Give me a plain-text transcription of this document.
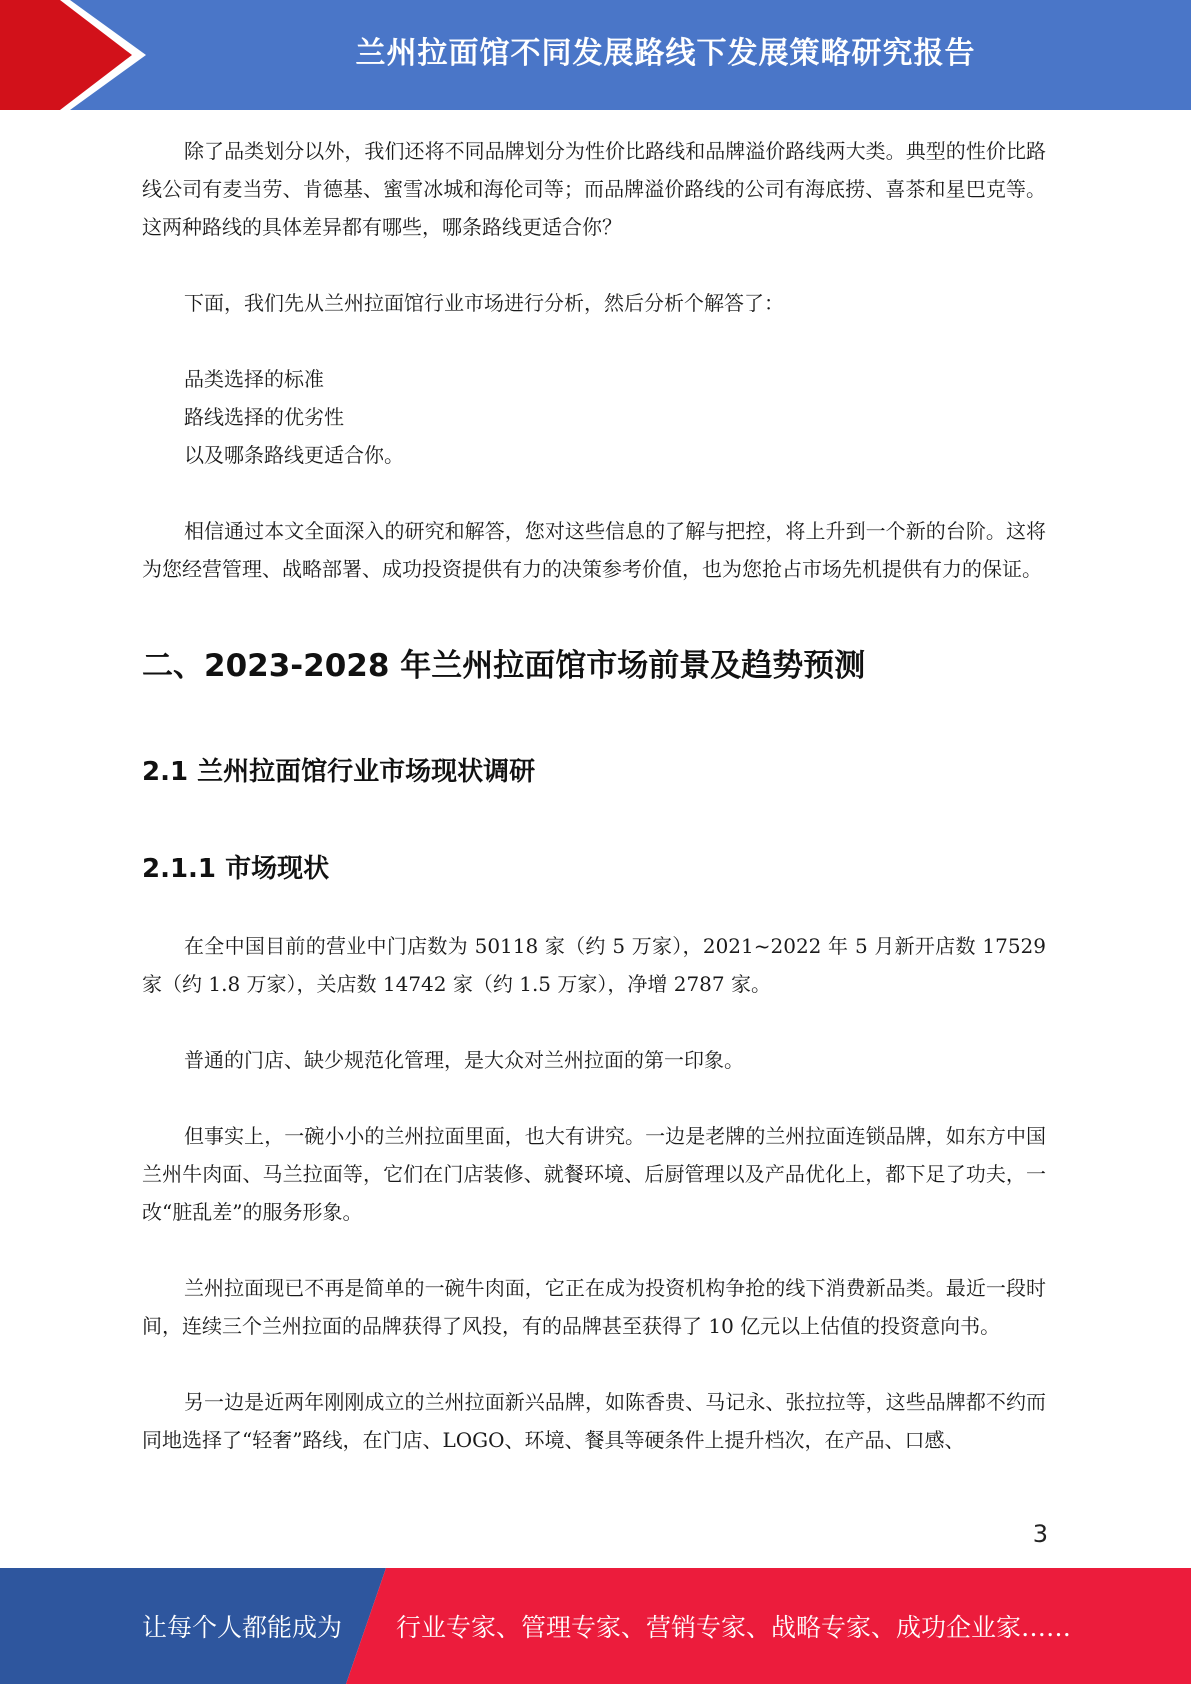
兰州拉面馆不同发展路线下发展策略研究报告

除了品类划分以外，我们还将不同品牌划分为性价比路线和品牌溢价路线两大类。典型的性价比路线公司有麦当劳、肯德基、蜜雪冰城和海伦司等；而品牌溢价路线的公司有海底捞、喜茶和星巴克等。这两种路线的具体差异都有哪些，哪条路线更适合你？

下面，我们先从兰州拉面馆行业市场进行分析，然后分析个解答了：

品类选择的标准
路线选择的优劣性
以及哪条路线更适合你。

相信通过本文全面深入的研究和解答，您对这些信息的了解与把控，将上升到一个新的台阶。这将为您经营管理、战略部署、成功投资提供有力的决策参考价值，也为您抢占市场先机提供有力的保证。

二、2023-2028 年兰州拉面馆市场前景及趋势预测
2.1 兰州拉面馆行业市场现状调研
2.1.1 市场现状

在全中国目前的营业中门店数为 50118 家（约 5 万家），2021~2022 年 5 月新开店数 17529 家（约 1.8 万家），关店数 14742 家（约 1.5 万家），净增 2787 家。

普通的门店、缺少规范化管理，是大众对兰州拉面的第一印象。

但事实上，一碗小小的兰州拉面里面，也大有讲究。一边是老牌的兰州拉面连锁品牌，如东方中国兰州牛肉面、马兰拉面等，它们在门店装修、就餐环境、后厨管理以及产品优化上，都下足了功夫，一改“脏乱差”的服务形象。

兰州拉面现已不再是简单的一碗牛肉面，它正在成为投资机构争抢的线下消费新品类。最近一段时间，连续三个兰州拉面的品牌获得了风投，有的品牌甚至获得了 10 亿元以上估值的投资意向书。

另一边是近两年刚刚成立的兰州拉面新兴品牌，如陈香贵、马记永、张拉拉等，这些品牌都不约而同地选择了“轻奢”路线，在门店、LOGO、环境、餐具等硬条件上提升档次，在产品、口感、

3
让每个人都能成为 行业专家、管理专家、营销专家、战略专家、成功企业家……
